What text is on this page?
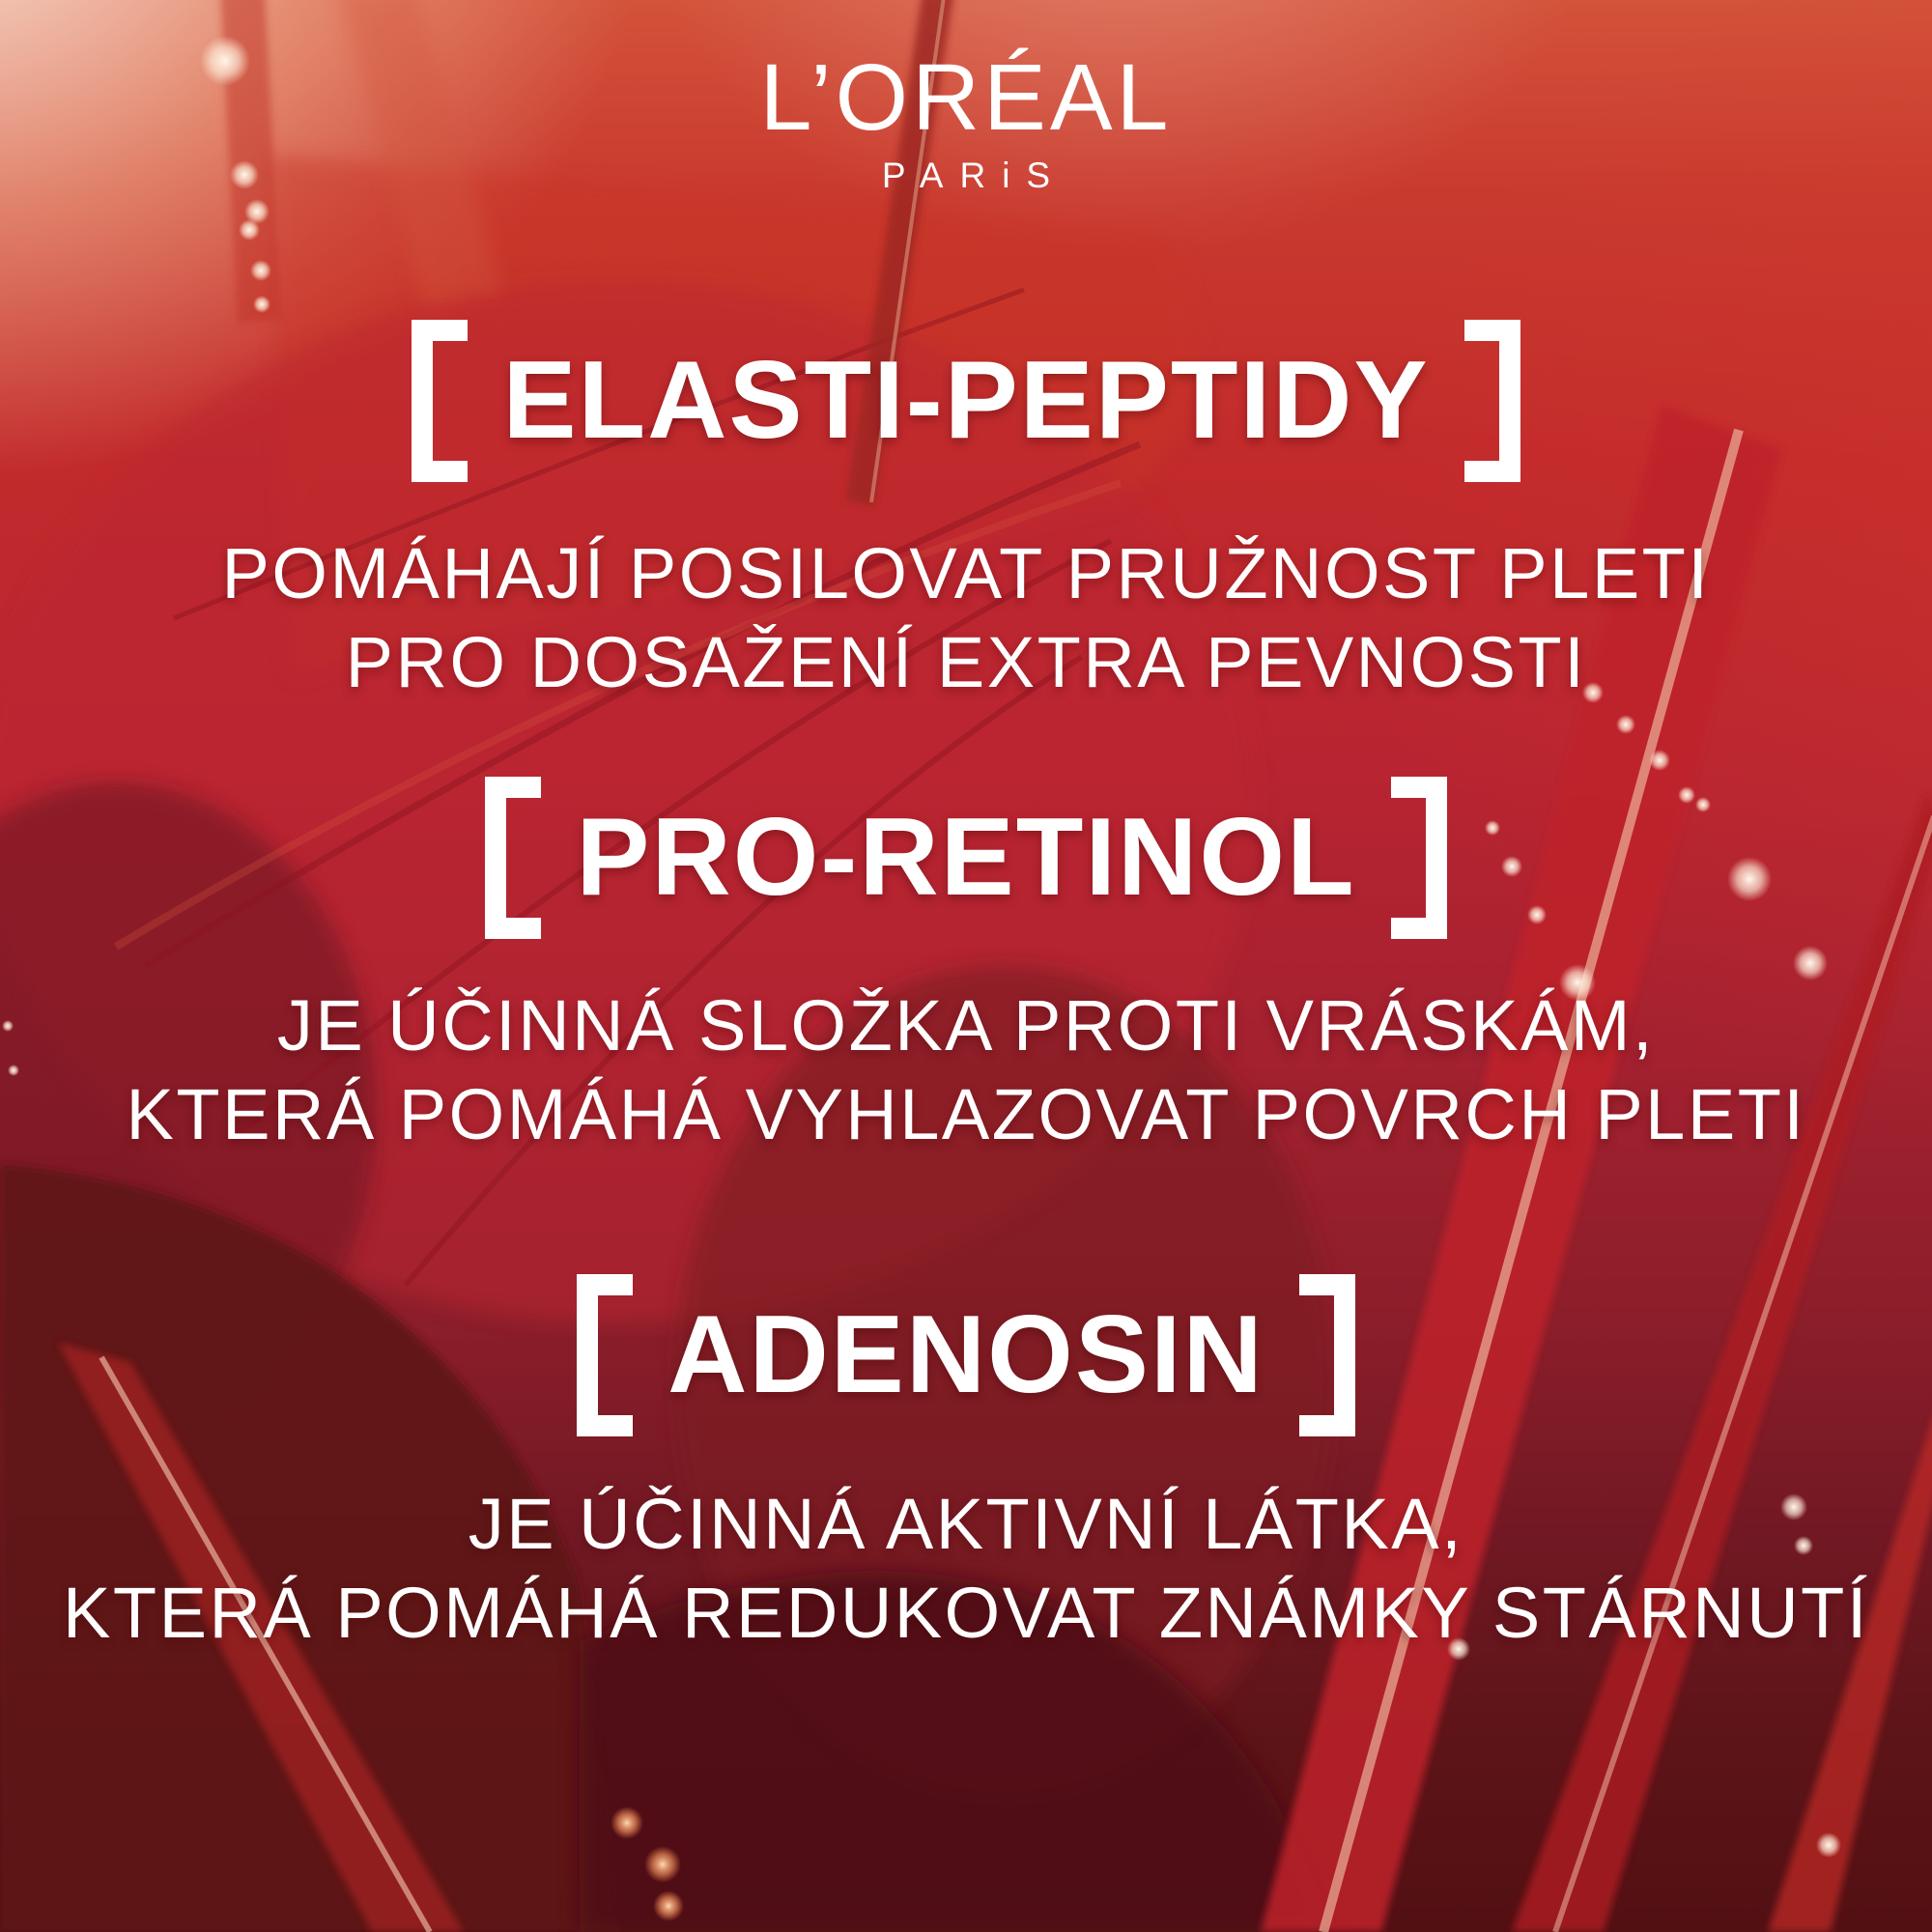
L’ORÉAL
PARiS
ELASTI-PEPTIDY

POMÁHAJÍ POSILOVAT PRUŽNOST PLETI
PRO DOSAŽENÍ EXTRA PEVNOSTI

PRO-RETINOL

JE ÚČINNÁ SLOŽKA PROTI VRÁSKÁM,
KTERÁ POMÁHÁ VYHLAZOVAT POVRCH PLETI

ADENOSIN

JE ÚČINNÁ AKTIVNÍ LÁTKA,
KTERÁ POMÁHÁ REDUKOVAT ZNÁMKY STÁRNUTÍ
